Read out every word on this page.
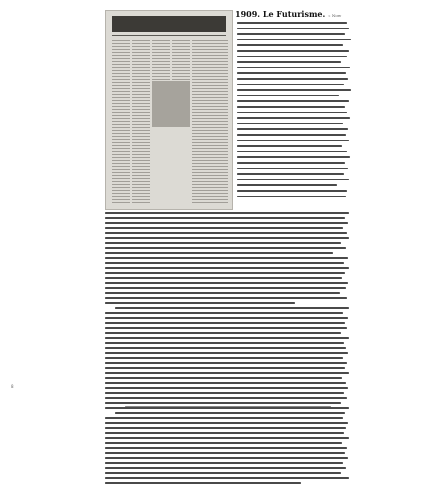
8
1909. Le Futurisme. « Now
